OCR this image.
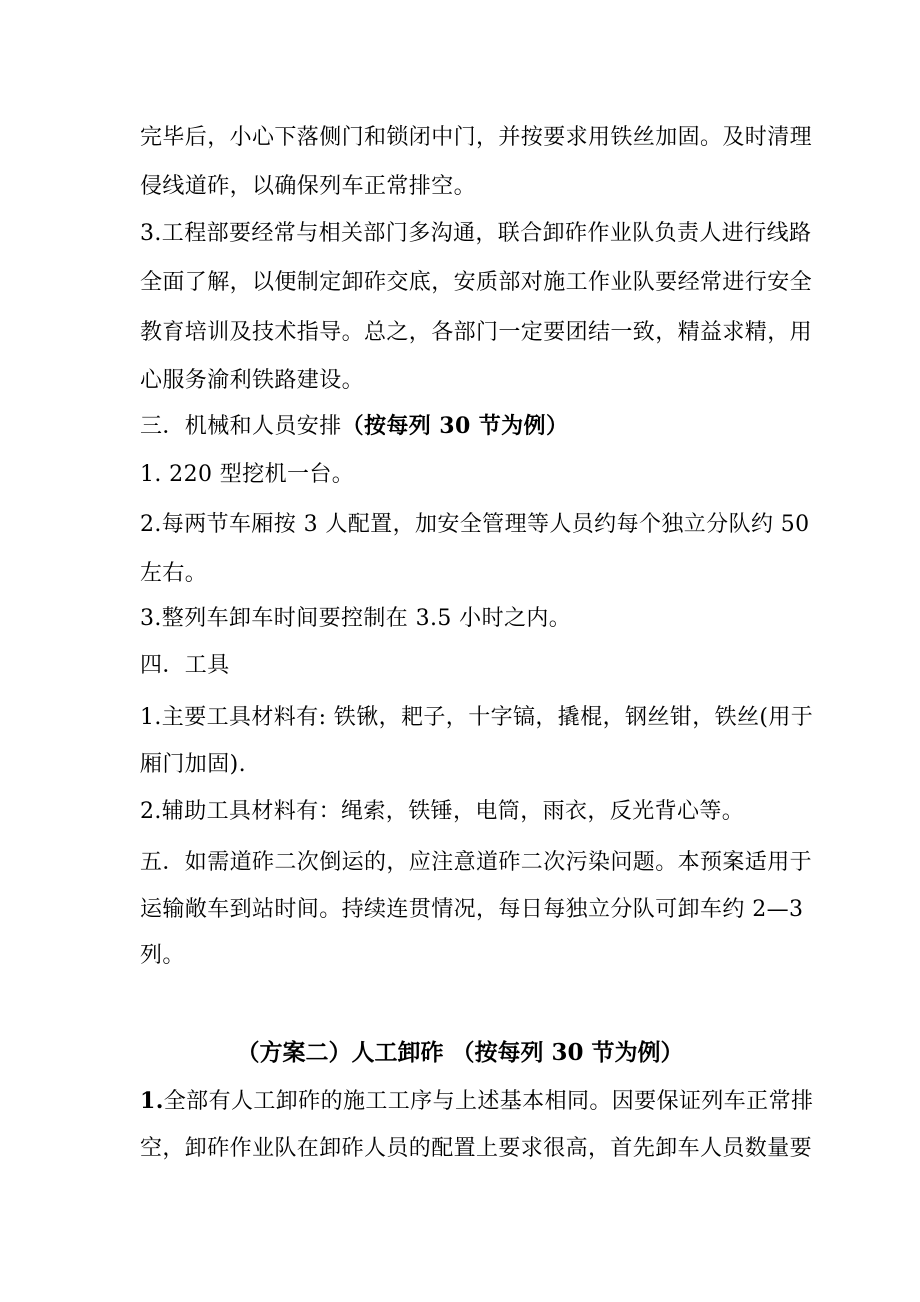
完毕后，小心下落侧门和锁闭中门，并按要求用铁丝加固。及时清理
侵线道砟，以确保列车正常排空。
3.工程部要经常与相关部门多沟通，联合卸砟作业队负责人进行线路
全面了解，以便制定卸砟交底，安质部对施工作业队要经常进行安全
教育培训及技术指导。总之，各部门一定要团结一致，精益求精，用
心服务渝利铁路建设。
三．机械和人员安排（按每列 30 节为例）
1. 220 型挖机一台。
2.每两节车厢按 3 人配置，加安全管理等人员约每个独立分队约 50
左右。
3.整列车卸车时间要控制在 3.5 小时之内。
四．工具
1.主要工具材料有: 铁锹，耙子，十字镐，撬棍，钢丝钳，铁丝(用于
厢门加固).
2.辅助工具材料有：绳索，铁锤，电筒，雨衣，反光背心等。
五．如需道砟二次倒运的，应注意道砟二次污染问题。本预案适用于
运输敞车到站时间。持续连贯情况，每日每独立分队可卸车约 2—3
列。
（方案二）人工卸砟 （按每列 30 节为例）
1.全部有人工卸砟的施工工序与上述基本相同。因要保证列车正常排
空，卸砟作业队在卸砟人员的配置上要求很高，首先卸车人员数量要
